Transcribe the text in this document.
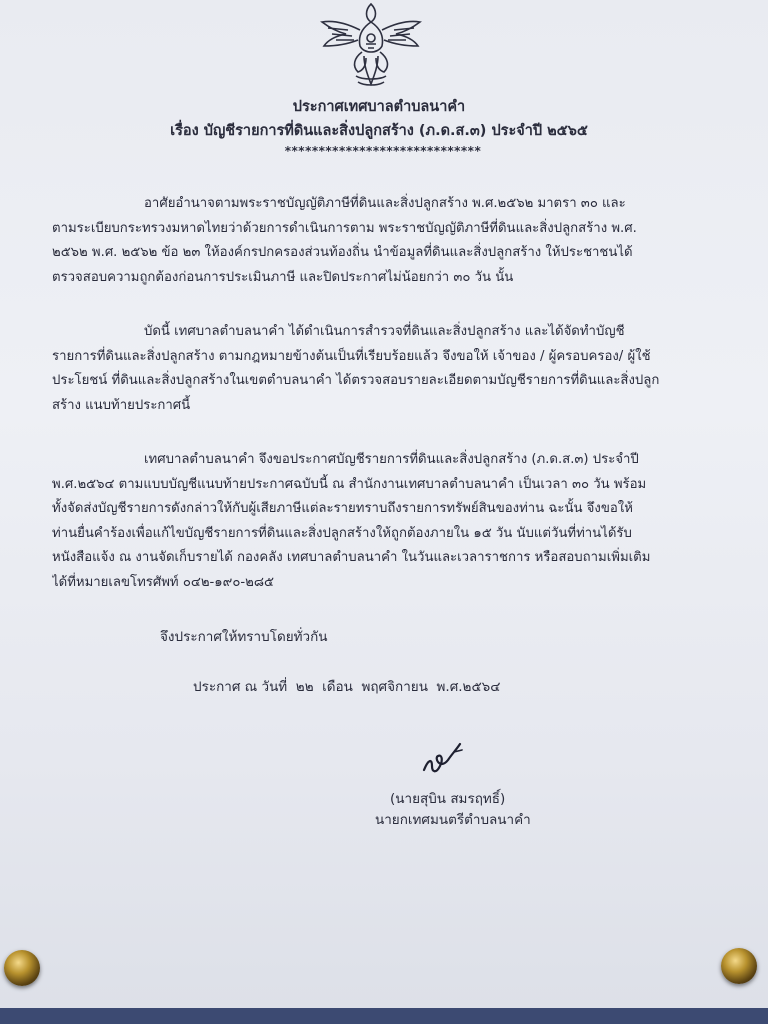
ประกาศเทศบาลตำบลนาคำ
เรื่อง บัญชีรายการที่ดินและสิ่งปลูกสร้าง (ภ.ด.ส.๓) ประจำปี ๒๕๖๕
*****************************
อาศัยอำนาจตามพระราชบัญญัติภาษีที่ดินและสิ่งปลูกสร้าง พ.ศ.๒๕๖๒ มาตรา ๓๐ และ
ตามระเบียบกระทรวงมหาดไทยว่าด้วยการดำเนินการตาม พระราชบัญญัติภาษีที่ดินและสิ่งปลูกสร้าง พ.ศ.
๒๕๖๒ พ.ศ. ๒๕๖๒ ข้อ ๒๓ ให้องค์กรปกครองส่วนท้องถิ่น นำข้อมูลที่ดินและสิ่งปลูกสร้าง ให้ประชาชนได้
ตรวจสอบความถูกต้องก่อนการประเมินภาษี และปิดประกาศไม่น้อยกว่า ๓๐ วัน นั้น
บัดนี้ เทศบาลตำบลนาคำ ได้ดำเนินการสำรวจที่ดินและสิ่งปลูกสร้าง และได้จัดทำบัญชี
รายการที่ดินและสิ่งปลูกสร้าง ตามกฎหมายข้างต้นเป็นที่เรียบร้อยแล้ว จึงขอให้ เจ้าของ / ผู้ครอบครอง/ ผู้ใช้
ประโยชน์ ที่ดินและสิ่งปลูกสร้างในเขตตำบลนาคำ ได้ตรวจสอบรายละเอียดตามบัญชีรายการที่ดินและสิ่งปลูก
สร้าง แนบท้ายประกาศนี้
เทศบาลตำบลนาคำ จึงขอประกาศบัญชีรายการที่ดินและสิ่งปลูกสร้าง (ภ.ด.ส.๓) ประจำปี
พ.ศ.๒๕๖๔ ตามแบบบัญชีแนบท้ายประกาศฉบับนี้ ณ สำนักงานเทศบาลตำบลนาคำ เป็นเวลา ๓๐ วัน พร้อม
ทั้งจัดส่งบัญชีรายการดังกล่าวให้กับผู้เสียภาษีแต่ละรายทราบถึงรายการทรัพย์สินของท่าน ฉะนั้น จึงขอให้
ท่านยื่นคำร้องเพื่อแก้ไขบัญชีรายการที่ดินและสิ่งปลูกสร้างให้ถูกต้องภายใน ๑๕ วัน นับแต่วันที่ท่านได้รับ
หนังสือแจ้ง ณ งานจัดเก็บรายได้ กองคลัง เทศบาลตำบลนาคำ ในวันและเวลาราชการ หรือสอบถามเพิ่มเติม
ได้ที่หมายเลขโทรศัพท์ ๐๔๒-๑๙๐-๒๘๕
จึงประกาศให้ทราบโดยทั่วกัน
ประกาศ ณ วันที่  ๒๒  เดือน  พฤศจิกายน  พ.ศ.๒๕๖๔
(นายสุบิน สมรฤทธิ์)
นายกเทศมนตรีตำบลนาคำ
